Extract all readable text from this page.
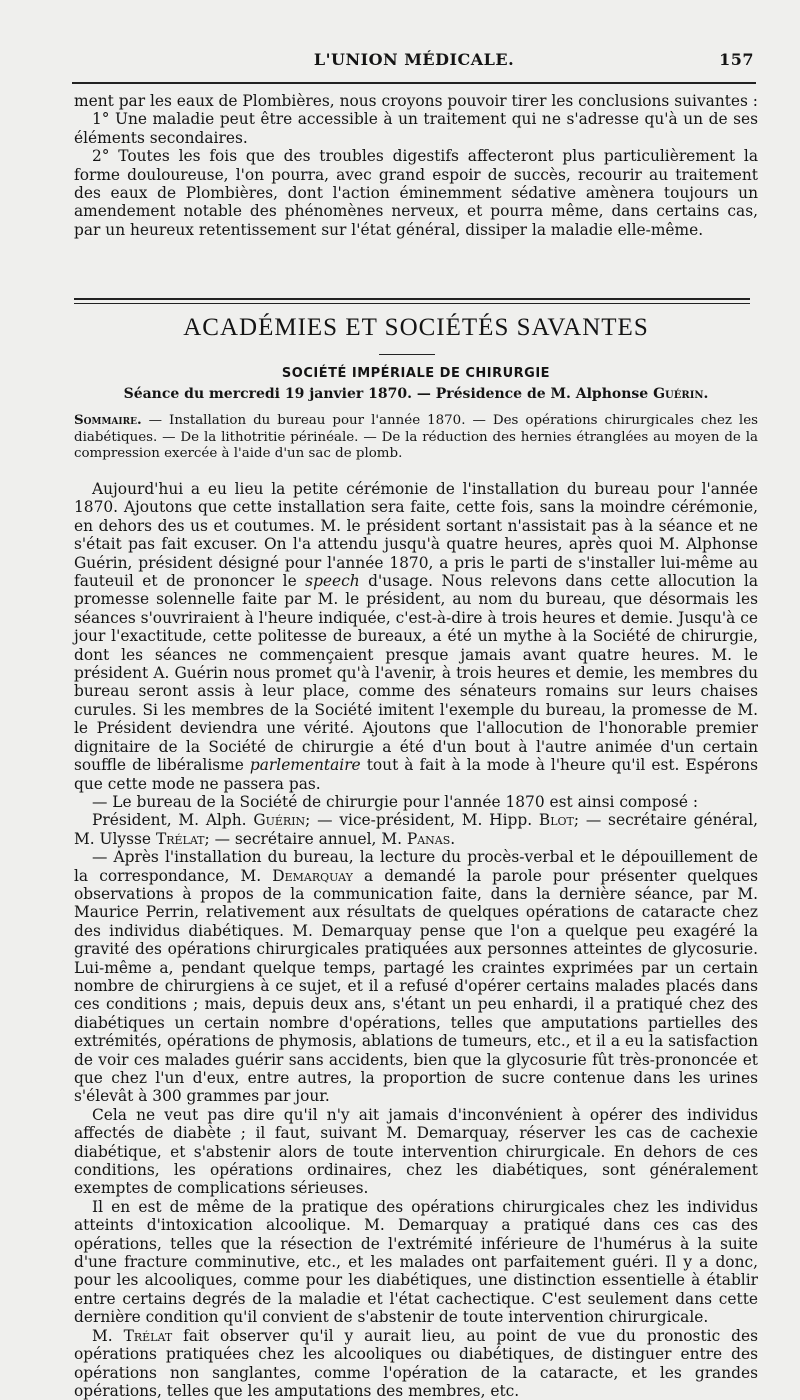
L'UNION MÉDICALE.	157

ment par les eaux de Plombières, nous croyons pouvoir tirer les conclusions suivantes :

1° Une maladie peut être accessible à un traitement qui ne s'adresse qu'à un de ses éléments secondaires.

2° Toutes les fois que des troubles digestifs affecteront plus particulièrement la forme douloureuse, l'on pourra, avec grand espoir de succès, recourir au traitement des eaux de Plombières, dont l'action éminemment sédative amènera toujours un amendement notable des phénomènes nerveux, et pourra même, dans certains cas, par un heureux retentissement sur l'état général, dissiper la maladie elle-même.

ACADÉMIES ET SOCIÉTÉS SAVANTES
SOCIÉTÉ IMPÉRIALE DE CHIRURGIE
Séance du mercredi 19 janvier 1870. — Présidence de M. Alphonse Guérin.
Sommaire. — Installation du bureau pour l'année 1870. — Des opérations chirurgicales chez les diabétiques. — De la lithotritie périnéale. — De la réduction des hernies étranglées au moyen de la compression exercée à l'aide d'un sac de plomb.

Aujourd'hui a eu lieu la petite cérémonie de l'installation du bureau pour l'année 1870. Ajoutons que cette installation sera faite, cette fois, sans la moindre cérémonie, en dehors des us et coutumes. M. le président sortant n'assistait pas à la séance et ne s'était pas fait excuser. On l'a attendu jusqu'à quatre heures, après quoi M. Alphonse Guérin, président désigné pour l'année 1870, a pris le parti de s'installer lui-même au fauteuil et de prononcer le speech d'usage. Nous relevons dans cette allocution la promesse solennelle faite par M. le président, au nom du bureau, que désormais les séances s'ouvriraient à l'heure indiquée, c'est-à-dire à trois heures et demie. Jusqu'à ce jour l'exactitude, cette politesse de bureaux, a été un mythe à la Société de chirurgie, dont les séances ne commençaient presque jamais avant quatre heures. M. le président A. Guérin nous promet qu'à l'avenir, à trois heures et demie, les membres du bureau seront assis à leur place, comme des sénateurs romains sur leurs chaises curules. Si les membres de la Société imitent l'exemple du bureau, la promesse de M. le Président deviendra une vérité. Ajoutons que l'allocution de l'honorable premier dignitaire de la Société de chirurgie a été d'un bout à l'autre animée d'un certain souffle de libéralisme parlementaire tout à fait à la mode à l'heure qu'il est. Espérons que cette mode ne passera pas.

— Le bureau de la Société de chirurgie pour l'année 1870 est ainsi composé :

Président, M. Alph. Guérin; — vice-président, M. Hipp. Blot; — secrétaire général, M. Ulysse Trélat; — secrétaire annuel, M. Panas.

— Après l'installation du bureau, la lecture du procès-verbal et le dépouillement de la correspondance, M. Demarquay a demandé la parole pour présenter quelques observations à propos de la communication faite, dans la dernière séance, par M. Maurice Perrin, relativement aux résultats de quelques opérations de cataracte chez des individus diabétiques. M. Demarquay pense que l'on a quelque peu exagéré la gravité des opérations chirurgicales pratiquées aux personnes atteintes de glycosurie. Lui-même a, pendant quelque temps, partagé les craintes exprimées par un certain nombre de chirurgiens à ce sujet, et il a refusé d'opérer certains malades placés dans ces conditions ; mais, depuis deux ans, s'étant un peu enhardi, il a pratiqué chez des diabétiques un certain nombre d'opérations, telles que amputations partielles des extrémités, opérations de phymosis, ablations de tumeurs, etc., et il a eu la satisfaction de voir ces malades guérir sans accidents, bien que la glycosurie fût très-prononcée et que chez l'un d'eux, entre autres, la proportion de sucre contenue dans les urines s'élevât à 300 grammes par jour.

Cela ne veut pas dire qu'il n'y ait jamais d'inconvénient à opérer des individus affectés de diabète ; il faut, suivant M. Demarquay, réserver les cas de cachexie diabétique, et s'abstenir alors de toute intervention chirurgicale. En dehors de ces conditions, les opérations ordinaires, chez les diabétiques, sont généralement exemptes de complications sérieuses.

Il en est de même de la pratique des opérations chirurgicales chez les individus atteints d'intoxication alcoolique. M. Demarquay a pratiqué dans ces cas des opérations, telles que la résection de l'extrémité inférieure de l'humérus à la suite d'une fracture comminutive, etc., et les malades ont parfaitement guéri. Il y a donc, pour les alcooliques, comme pour les diabétiques, une distinction essentielle à établir entre certains degrés de la maladie et l'état cachectique. C'est seulement dans cette dernière condition qu'il convient de s'abstenir de toute intervention chirurgicale.

M. Trélat fait observer qu'il y aurait lieu, au point de vue du pronostic des opérations pratiquées chez les alcooliques ou diabétiques, de distinguer entre des opérations non sanglantes, comme l'opération de la cataracte, et les grandes opérations, telles que les amputations des membres, etc.
